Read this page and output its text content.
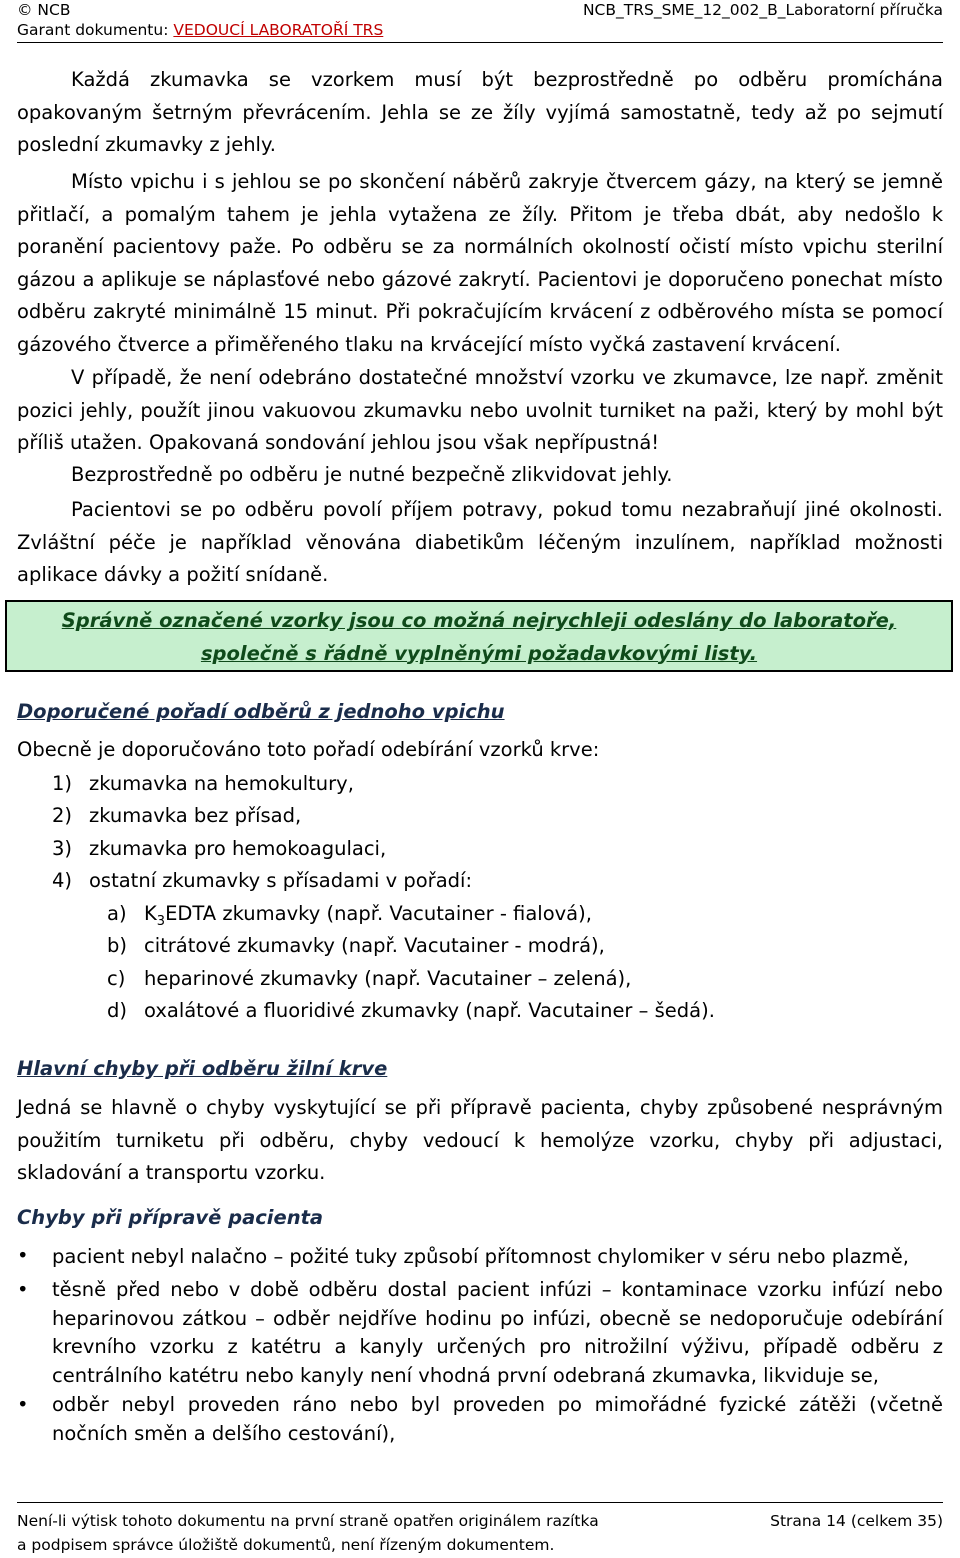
© NCB	NCB_TRS_SME_12_002_B_Laboratorní příručka
Garant dokumentu: VEDOUCÍ LABORATOŘÍ TRS

Každá zkumavka se vzorkem musí být bezprostředně po odběru promíchána opakovaným šetrným převrácením. Jehla se ze žíly vyjímá samostatně, tedy až po sejmutí poslední zkumavky z jehly.

Místo vpichu i s jehlou se po skončení náběrů zakryje čtvercem gázy, na který se jemně přitlačí, a pomalým tahem je jehla vytažena ze žíly. Přitom je třeba dbát, aby nedošlo k poranění pacientovy paže. Po odběru se za normálních okolností očistí místo vpichu sterilní gázou a aplikuje se náplasťové nebo gázové zakrytí. Pacientovi je doporučeno ponechat místo odběru zakryté minimálně 15 minut. Při pokračujícím krvácení z odběrového místa se pomocí gázového čtverce a přiměřeného tlaku na krvácející místo vyčká zastavení krvácení.

V případě, že není odebráno dostatečné množství vzorku ve zkumavce, lze např. změnit pozici jehly, použít jinou vakuovou zkumavku nebo uvolnit turniket na paži, který by mohl být příliš utažen. Opakovaná sondování jehlou jsou však nepřípustná!

Bezprostředně po odběru je nutné bezpečně zlikvidovat jehly.

Pacientovi se po odběru povolí příjem potravy, pokud tomu nezabraňují jiné okolnosti. Zvláštní péče je například věnována diabetikům léčeným inzulínem, například možnosti aplikace dávky a požití snídaně.

Správně označené vzorky jsou co možná nejrychleji odeslány do laboratoře,
společně s řádně vyplněnými požadavkovými listy.
Doporučené pořadí odběrů z jednoho vpichu
Obecně je doporučováno toto pořadí odebírání vzorků krve:
1) zkumavka na hemokultury,
2) zkumavka bez přísad,
3) zkumavka pro hemokoagulaci,
4) ostatní zkumavky s přísadami v pořadí:
a) $K_3EDTA$ zkumavky (např. Vacutainer - fialová),
b) citrátové zkumavky (např. Vacutainer - modrá),
c) heparinové zkumavky (např. Vacutainer – zelená),
d) oxalátové a fluoridivé zkumavky (např. Vacutainer – šedá).
Hlavní chyby při odběru žilní krve

Jedná se hlavně o chyby vyskytující se při přípravě pacienta, chyby způsobené nesprávným použitím turniketu při odběru, chyby vedoucí k hemolýze vzorku, chyby při adjustaci, skladování a transportu vzorku.

Chyby při přípravě pacienta
• pacient nebyl nalačno – požité tuky způsobí přítomnost chylomiker v séru nebo plazmě,
• těsně před nebo v době odběru dostal pacient infúzi – kontaminace vzorku infúzí nebo heparinovou zátkou – odběr nejdříve hodinu po infúzi, obecně se nedoporučuje odebírání krevního vzorku z katétru a kanyly určených pro nitrožilní výživu, případě odběru z centrálního katétru nebo kanyly není vhodná první odebraná zkumavka, likviduje se,
• odběr nebyl proveden ráno nebo byl proveden po mimořádné fyzické zátěži (včetně nočních směn a delšího cestování),
Není-li výtisk tohoto dokumentu na první straně opatřen originálem razítka
a podpisem správce úložiště dokumentů, není řízeným dokumentem.
Strana 14 (celkem 35)
